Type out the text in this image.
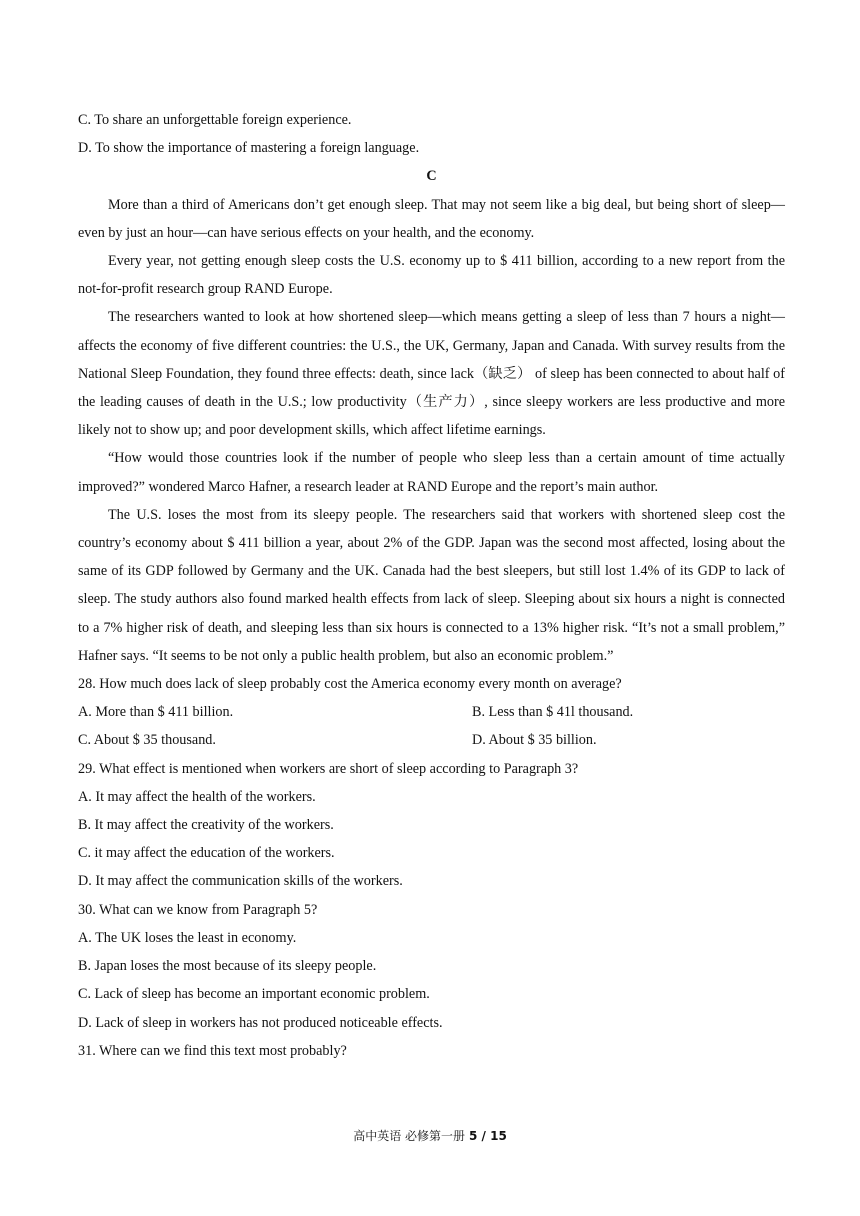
C. To share an unforgettable foreign experience.
D. To show the importance of mastering a foreign language.
C

More than a third of Americans don’t get enough sleep. That may not seem like a big deal, but being short of sleep—even by just an hour—can have serious effects on your health, and the economy.

Every year, not getting enough sleep costs the U.S. economy up to $ 411 billion, according to a new report from the not-for-profit research group RAND Europe.

The researchers wanted to look at how shortened sleep—which means getting a sleep of less than 7 hours a night—affects the economy of five different countries: the U.S., the UK, Germany, Japan and Canada. With survey results from the National Sleep Foundation, they found three effects: death, since lack（缺乏） of sleep has been connected to about half of the leading causes of death in the U.S.; low productivity（生产力）, since sleepy workers are less productive and more likely not to show up; and poor development skills, which affect lifetime earnings.

“How would those countries look if the number of people who sleep less than a certain amount of time actually improved?” wondered Marco Hafner, a research leader at RAND Europe and the report’s main author.

The U.S. loses the most from its sleepy people. The researchers said that workers with shortened sleep cost the country’s economy about $ 411 billion a year, about 2% of the GDP. Japan was the second most affected, losing about the same of its GDP followed by Germany and the UK. Canada had the best sleepers, but still lost 1.4% of its GDP to lack of sleep. The study authors also found marked health effects from lack of sleep. Sleeping about six hours a night is connected to a 7% higher risk of death, and sleeping less than six hours is connected to a 13% higher risk. “It’s not a small problem,” Hafner says. “It seems to be not only a public health problem, but also an economic problem.”

28. How much does lack of sleep probably cost the America economy every month on average?
A. More than $ 411 billion.	B. Less than $ 41l thousand.
C. About $ 35 thousand.	D. About $ 35 billion.
29. What effect is mentioned when workers are short of sleep according to Paragraph 3?
A. It may affect the health of the workers.
B. It may affect the creativity of the workers.
C. it may affect the education of the workers.
D. It may affect the communication skills of the workers.
30. What can we know from Paragraph 5?
A. The UK loses the least in economy.
B. Japan loses the most because of its sleepy people.
C. Lack of sleep has become an important economic problem.
D. Lack of sleep in workers has not produced noticeable effects.
31. Where can we find this text most probably?
高中英语 必修第一册 5 / 15
